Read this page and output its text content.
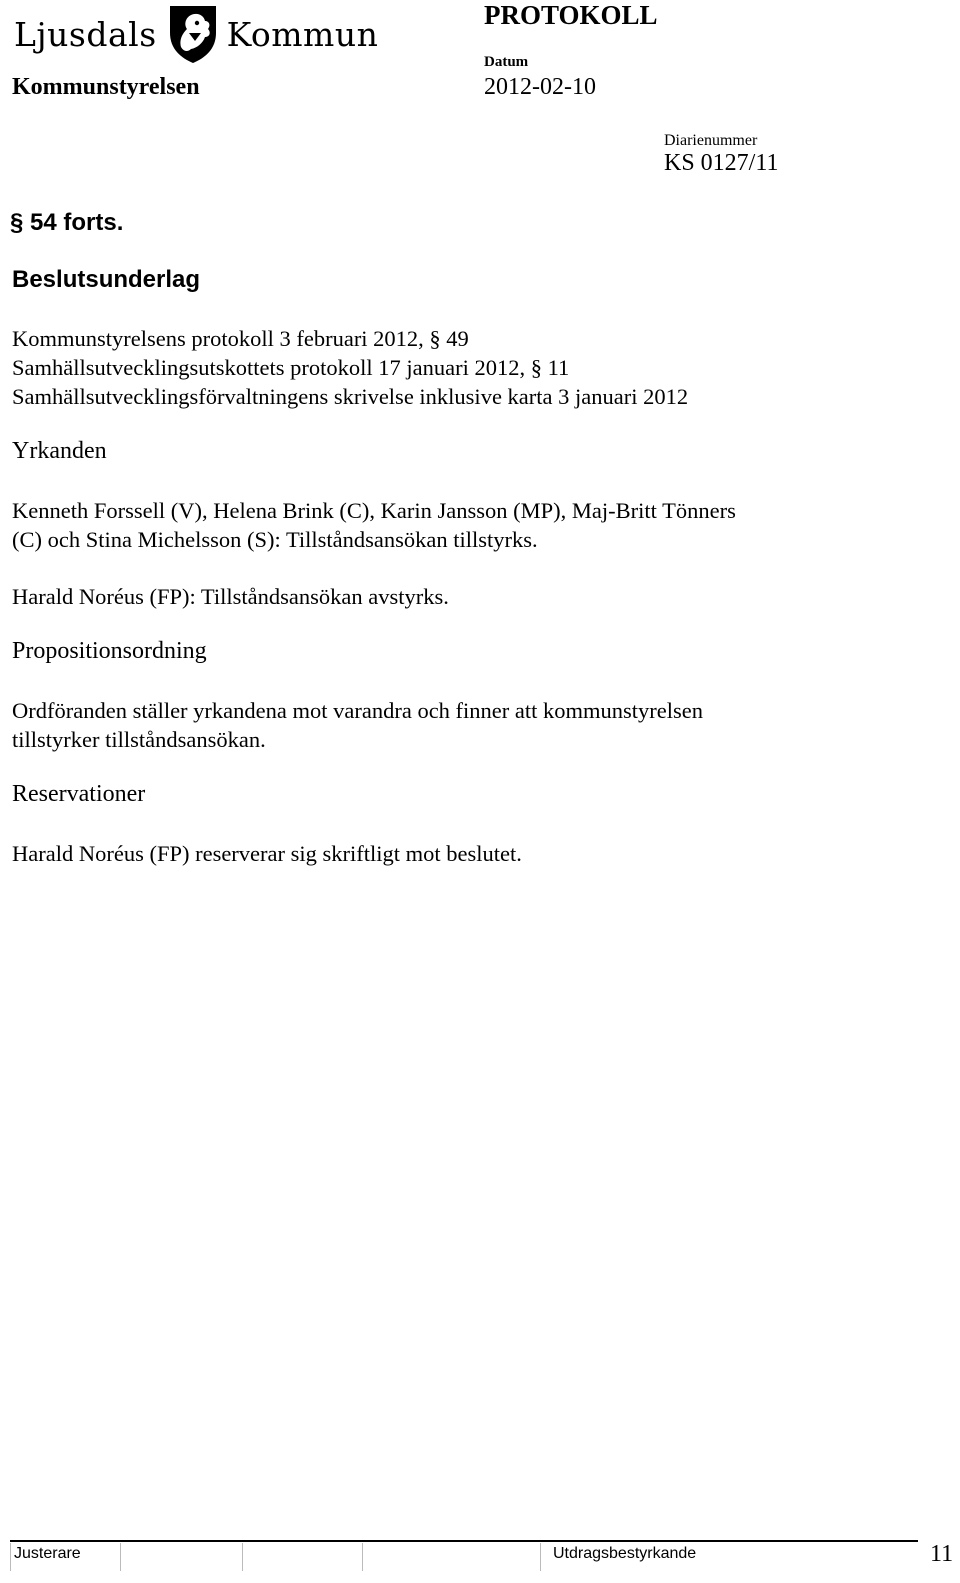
Ljusdals Kommun	PROTOKOLL
Datum
2012-02-10
Kommunstyrelsen
Diarienummer
KS 0127/11
§ 54 forts.
Beslutsunderlag
Kommunstyrelsens protokoll 3 februari 2012, § 49
Samhällsutvecklingsutskottets protokoll 17 januari 2012, § 11
Samhällsutvecklingsförvaltningens skrivelse inklusive karta 3 januari 2012
Yrkanden
Kenneth Forssell (V), Helena Brink (C), Karin Jansson (MP), Maj-Britt Tönners
(C) och Stina Michelsson (S): Tillståndsansökan tillstyrks.
Harald Noréus (FP): Tillståndsansökan avstyrks.
Propositionsordning
Ordföranden ställer yrkandena mot varandra och finner att kommunstyrelsen
tillstyrker tillståndsansökan.
Reservationer
Harald Noréus (FP) reserverar sig skriftligt mot beslutet.
Justerare	Utdragsbestyrkande	11
